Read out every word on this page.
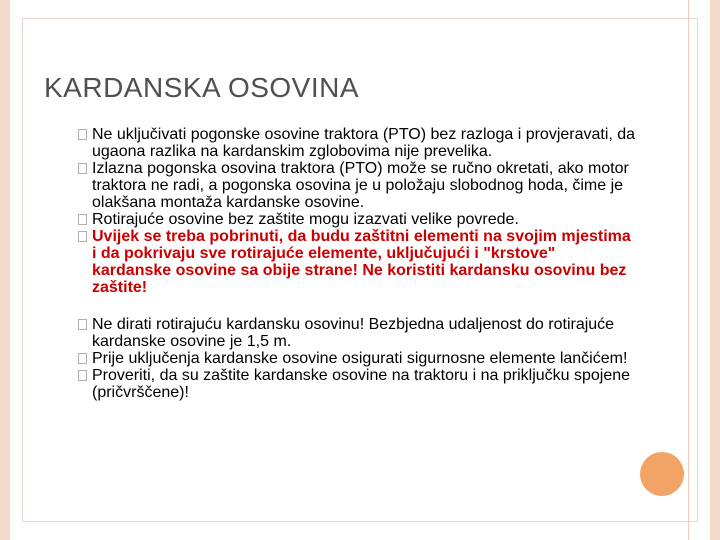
KARDANSKA OSOVINA
Ne uključivati pogonske osovine traktora (PTO) bez razloga i provjeravati, da ugaona razlika na kardanskim zglobovima nije prevelika.
Izlazna pogonska osovina traktora (PTO) može se ručno okretati, ako motor traktora ne radi, a pogonska osovina je u položaju slobodnog hoda, čime je olakšana montaža kardanske osovine.
Rotirajuće osovine bez zaštite mogu izazvati velike povrede.
Uvijek se treba pobrinuti, da budu zaštitni elementi na svojim mjestima i da pokrivaju sve rotirajuće elemente, uključujući i "krstove" kardanske osovine sa obije strane! Ne koristiti kardansku osovinu bez zaštite!
Ne dirati rotirajuću kardansku osovinu! Bezbjedna udaljenost do rotirajuće kardanske osovine je 1,5 m.
Prije uključenja kardanske osovine osigurati sigurnosne elemente lančićem!
Proveriti, da su zaštite kardanske osovine na traktoru i na priključku spojene (pričvrščene)!
